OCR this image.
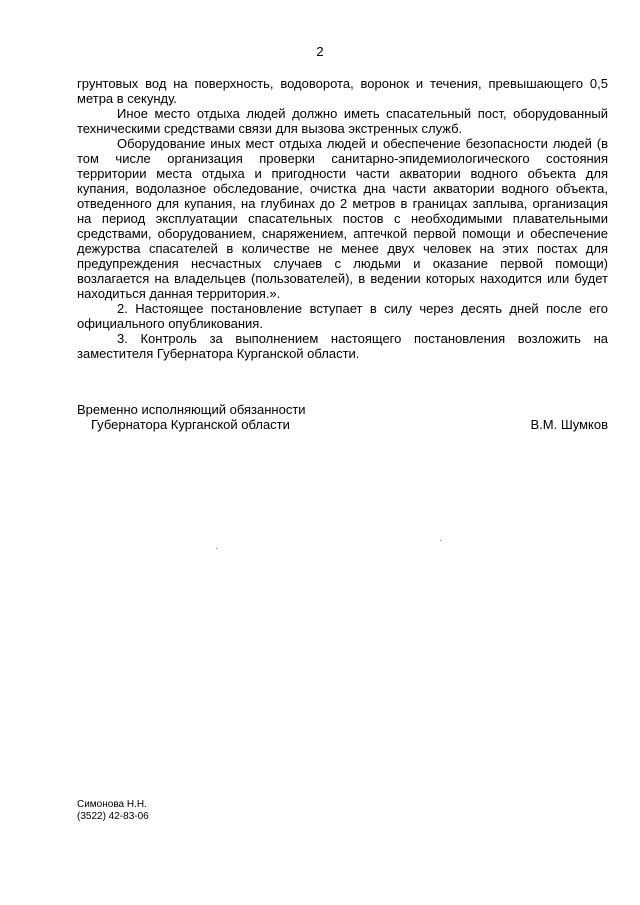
2

грунтовых вод на поверхность, водоворота, воронок и течения, превышающего 0,5 метра в секунду.

Иное место отдыха людей должно иметь спасательный пост, оборудованный техническими средствами связи для вызова экстренных служб.

Оборудование иных мест отдыха людей и обеспечение безопасности людей (в том числе организация проверки санитарно-эпидемиологического состояния территории места отдыха и пригодности части акватории водного объекта для купания, водолазное обследование, очистка дна части акватории водного объекта, отведенного для купания, на глубинах до 2 метров в границах заплыва, организация на период эксплуатации спасательных постов с необходимыми плавательными средствами, оборудованием, снаряжением, аптечкой первой помощи и обеспечение дежурства спасателей в количестве не менее двух человек на этих постах для предупреждения несчастных случаев с людьми и оказание первой помощи) возлагается на владельцев (пользователей), в ведении которых находится или будет находиться данная территория.».

2. Настоящее постановление вступает в силу через десять дней после его официального опубликования.

3. Контроль за выполнением настоящего постановления возложить на заместителя Губернатора Курганской области.

Временно исполняющий обязанности
Губернатора Курганской области	В.М. Шумков
Симонова Н.Н.
(3522) 42-83-06
